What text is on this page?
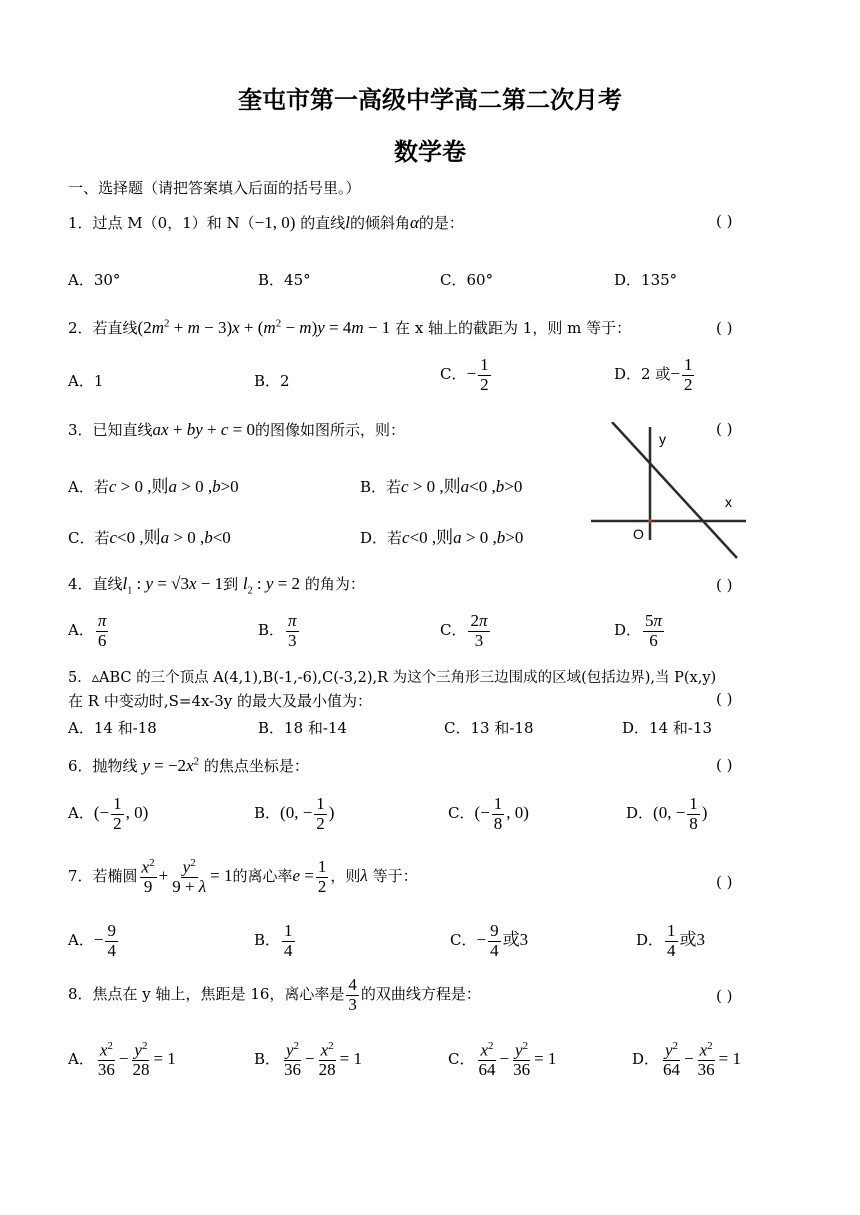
奎屯市第一高级中学高二第二次月考
数学卷
一、选择题（请把答案填入后面的括号里。）
1．过点 M（0，1）和 N（−1, 0) 的直线l的倾斜角α的是：	( )
A．30°	B．45°	C．60°	D．135°
2．若直线$(2m^2 + m - 3)x + (m^2 - m)y = 4m - 1$ 在 x 轴上的截距为 1，则 m 等于：	( )
A．1	B．2	C．− $\frac{1}{2}$	D．2 或− $\frac{1}{2}$
3．已知直线ax + by + c = 0的图像如图所示，则：	( )
A．若c > 0 ,则a > 0 ,b>0	B．若c > 0 ,则a<0 ,b>0
C．若c<0 ,则a > 0 ,b<0	D．若c<0 ,则a > 0 ,b>0
y
x
O
4．直线$l_1$ : y = √3x − 1到 $l_2$ : y = 2 的角为：	( )
A． $\frac{\pi}{6}$	B． $\frac{\pi}{3}$	C． $\frac{2\pi}{3}$	D． $\frac{5\pi}{6}$
5．▵ABC 的三个顶点 A(4,1),B(-1,-6),C(-3,2),R 为这个三角形三边围成的区域(包括边界),当 P(x,y)
在 R 中变动时,S=4x-3y 的最大及最小值为：	( )
A．14 和-18	B．18 和-14	C．13 和-18	D．14 和-13
6．抛物线 $y = -2x^2$ 的焦点坐标是：	( )
A．(− $\frac{1}{2}$ , 0)	B．(0, − $\frac{1}{2}$ )	C．(− $\frac{1}{8}$ , 0)	D．(0, − $\frac{1}{8}$ )
7．若椭圆 $\frac{x^2}{9} + \frac{y^2}{9 + \lambda} = 1$的离心率$e = \frac{1}{2}$ ，则λ 等于：	( )
A．− $\frac{9}{4}$	B． $\frac{1}{4}$	C．− $\frac{9}{4}$ 或3	D． $\frac{1}{4}$ 或3
8．焦点在 y 轴上，焦距是 16，离心率是 $\frac{4}{3}$ 的双曲线方程是：	( )
A． $\frac{x^2}{36} - \frac{y^2}{28} = 1$	B． $\frac{y^2}{36} - \frac{x^2}{28} = 1$	C． $\frac{x^2}{64} - \frac{y^2}{36} = 1$	D． $\frac{y^2}{64} - \frac{x^2}{36} = 1$
